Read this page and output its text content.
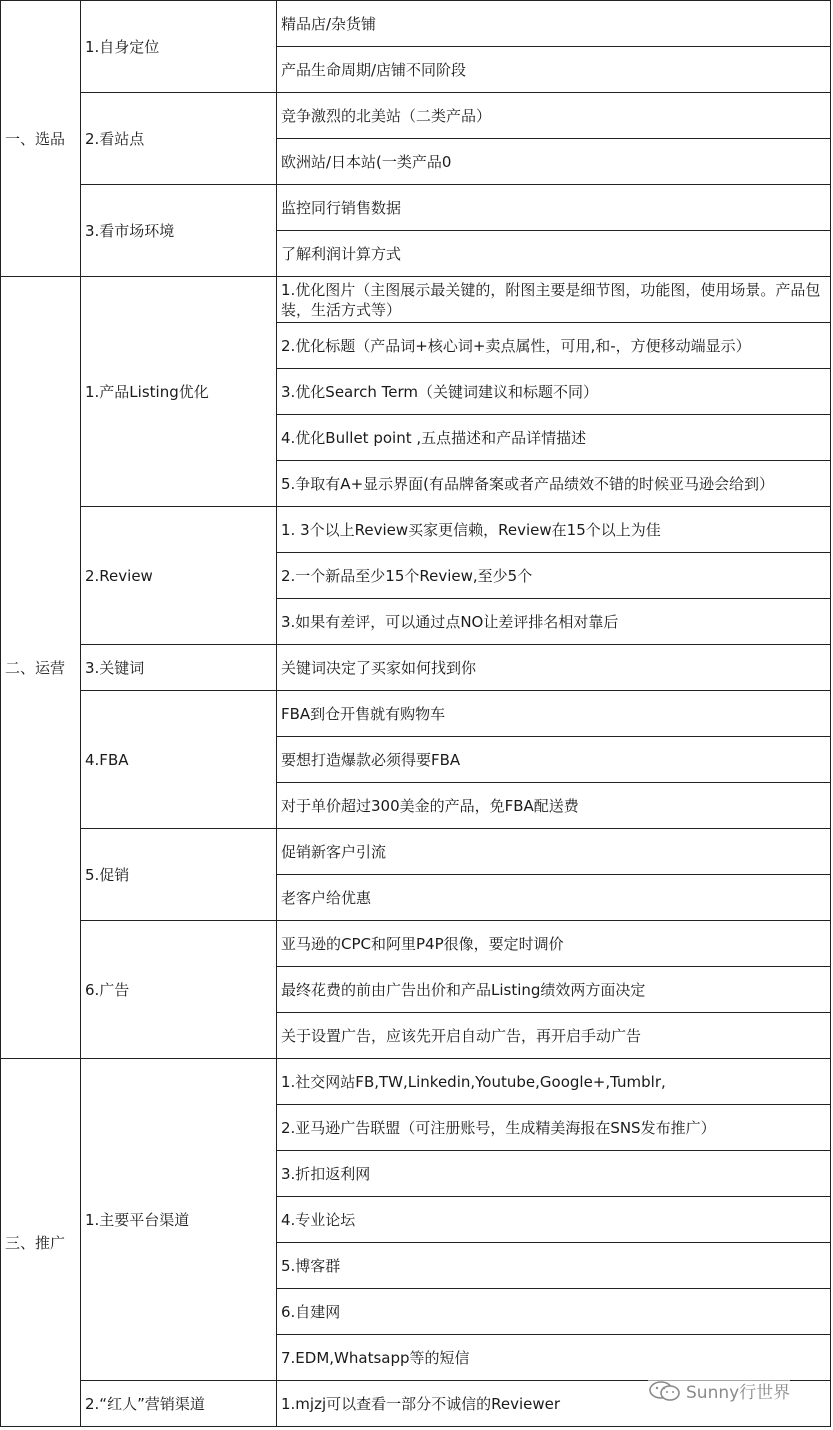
一、选品	1.自身定位	精品店/杂货铺
		产品生命周期/店铺不同阶段
	2.看站点	竞争激烈的北美站（二类产品）
		欧洲站/日本站(一类产品0
	3.看市场环境	监控同行销售数据
		了解利润计算方式
二、运营	1.产品Listing优化	1.优化图片（主图展示最关键的，附图主要是细节图，功能图，使用场景。产品包装，生活方式等）
		2.优化标题（产品词+核心词+卖点属性，可用,和-，方便移动端显示）
		3.优化Search Term（关键词建议和标题不同）
		4.优化Bullet point ,五点描述和产品详情描述
		5.争取有A+显示界面(有品牌备案或者产品绩效不错的时候亚马逊会给到）
	2.Review	1. 3个以上Review买家更信赖，Review在15个以上为佳
		2.一个新品至少15个Review,至少5个
		3.如果有差评，可以通过点NO让差评排名相对靠后
	3.关键词	关键词决定了买家如何找到你
	4.FBA	FBA到仓开售就有购物车
		要想打造爆款必须得要FBA
		对于单价超过300美金的产品，免FBA配送费
	5.促销	促销新客户引流
		老客户给优惠
	6.广告	亚马逊的CPC和阿里P4P很像，要定时调价
		最终花费的前由广告出价和产品Listing绩效两方面决定
		关于设置广告，应该先开启自动广告，再开启手动广告
三、推广	1.主要平台渠道	1.社交网站FB,TW,Linkedin,Youtube,Google+,Tumblr,
		2.亚马逊广告联盟（可注册账号，生成精美海报在SNS发布推广）
		3.折扣返利网
		4.专业论坛
		5.博客群
		6.自建网
		7.EDM,Whatsapp等的短信
	2.“红人”营销渠道	1.mjzj可以查看一部分不诚信的Reviewer
Sunny行世界
